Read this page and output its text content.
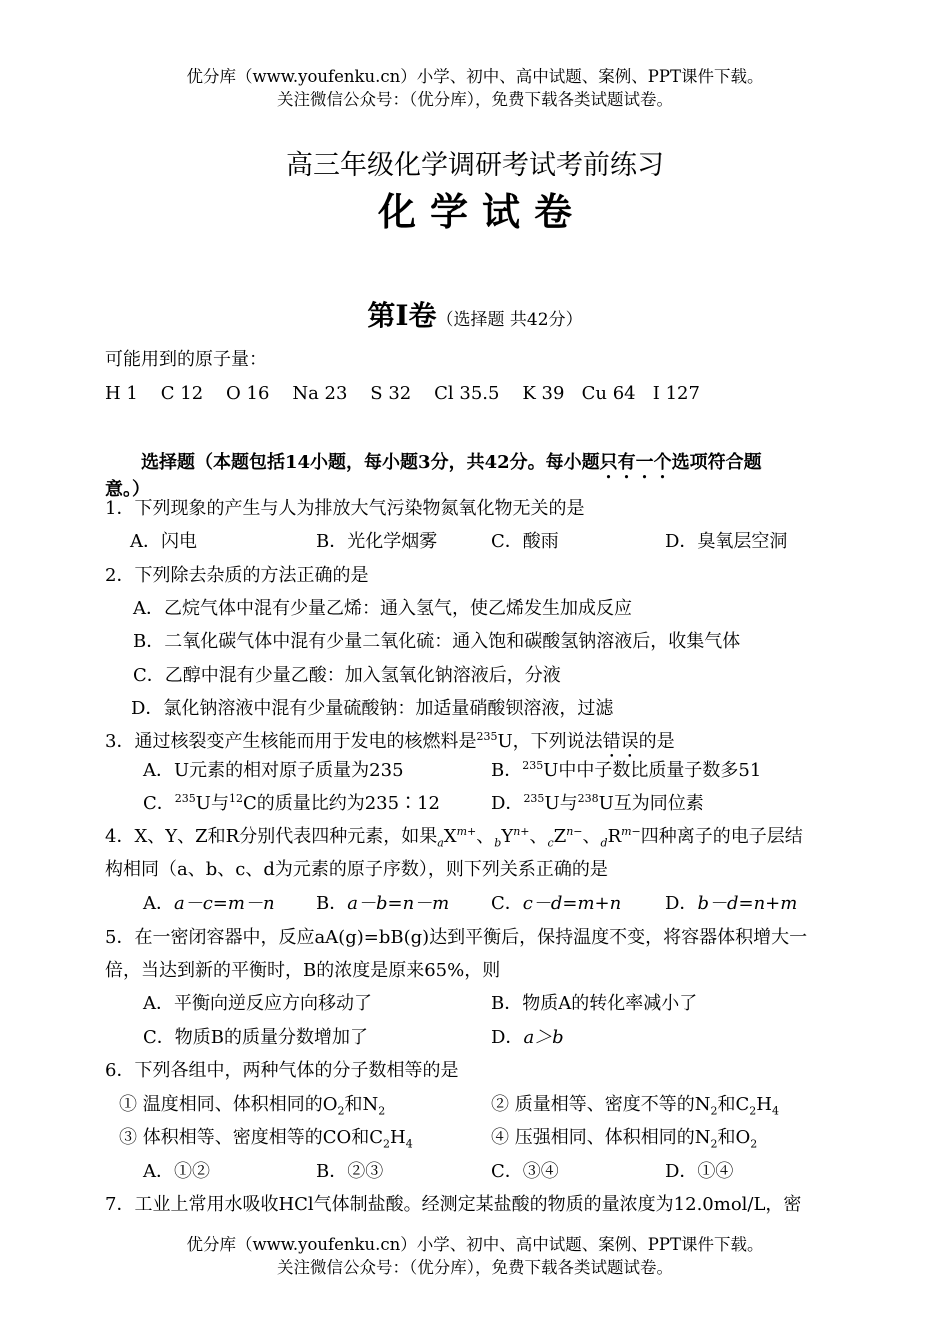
优分库（www.youfenku.cn）小学、初中、高中试题、案例、PPT课件下载。
关注微信公众号：（优分库），免费下载各类试题试卷。
高三年级化学调研考试考前练习
化学试卷
第Ⅰ卷（选择题 共42分）
可能用到的原子量：
H 1    C 12    O 16    Na 23    S 32    Cl 35.5    K 39   Cu 64   I 127
选择题（本题包括14小题，每小题3分，共42分。每小题只有一个选项符合题
意。）
1．下列现象的产生与人为排放大气污染物氮氧化物无关的是
A．闪电	B．光化学烟雾	C．酸雨	D．臭氧层空洞
2．下列除去杂质的方法正确的是
A．乙烷气体中混有少量乙烯：通入氢气，使乙烯发生加成反应
B．二氧化碳气体中混有少量二氧化硫：通入饱和碳酸氢钠溶液后，收集气体
C．乙醇中混有少量乙酸：加入氢氧化钠溶液后，分液
D．氯化钠溶液中混有少量硫酸钠：加适量硝酸钡溶液，过滤
3．通过核裂变产生核能而用于发电的核燃料是$^{235}$U，下列说法错误的是
A．U元素的相对原子质量为235	B．$^{235}$U中中子数比质量子数多51
C．$^{235}$U与$^{12}$C的质量比约为235∶12	D．$^{235}$U与$^{238}$U互为同位素
4．X、Y、Z和R分别代表四种元素，如果$_aX^{m+}$、$_bY^{n+}$、$_cZ^{n-}$、$_dR^{m-}$四种离子的电子层结
构相同（a、b、c、d为元素的原子序数），则下列关系正确的是
A．a－c=m－n B．a－b=n－m C．c－d=m+n D．b－d=n+m
5．在一密闭容器中，反应aA(g)=bB(g)达到平衡后，保持温度不变，将容器体积增大一
倍，当达到新的平衡时，B的浓度是原来65%，则
A．平衡向逆反应方向移动了	B．物质A的转化率减小了
C．物质B的质量分数增加了	D．a＞b
6．下列各组中，两种气体的分子数相等的是
① 温度相同、体积相同的$O_2$和$N_2$	② 质量相等、密度不等的$N_2$和$C_2H_4$
③ 体积相等、密度相等的CO和$C_2H_4$	④ 压强相同、体积相同的$N_2$和$O_2$
A．①②	B．②③	C．③④	D．①④
7．工业上常用水吸收HCl气体制盐酸。经测定某盐酸的物质的量浓度为12.0mol/L，密
优分库（www.youfenku.cn）小学、初中、高中试题、案例、PPT课件下载。
关注微信公众号：（优分库），免费下载各类试题试卷。
